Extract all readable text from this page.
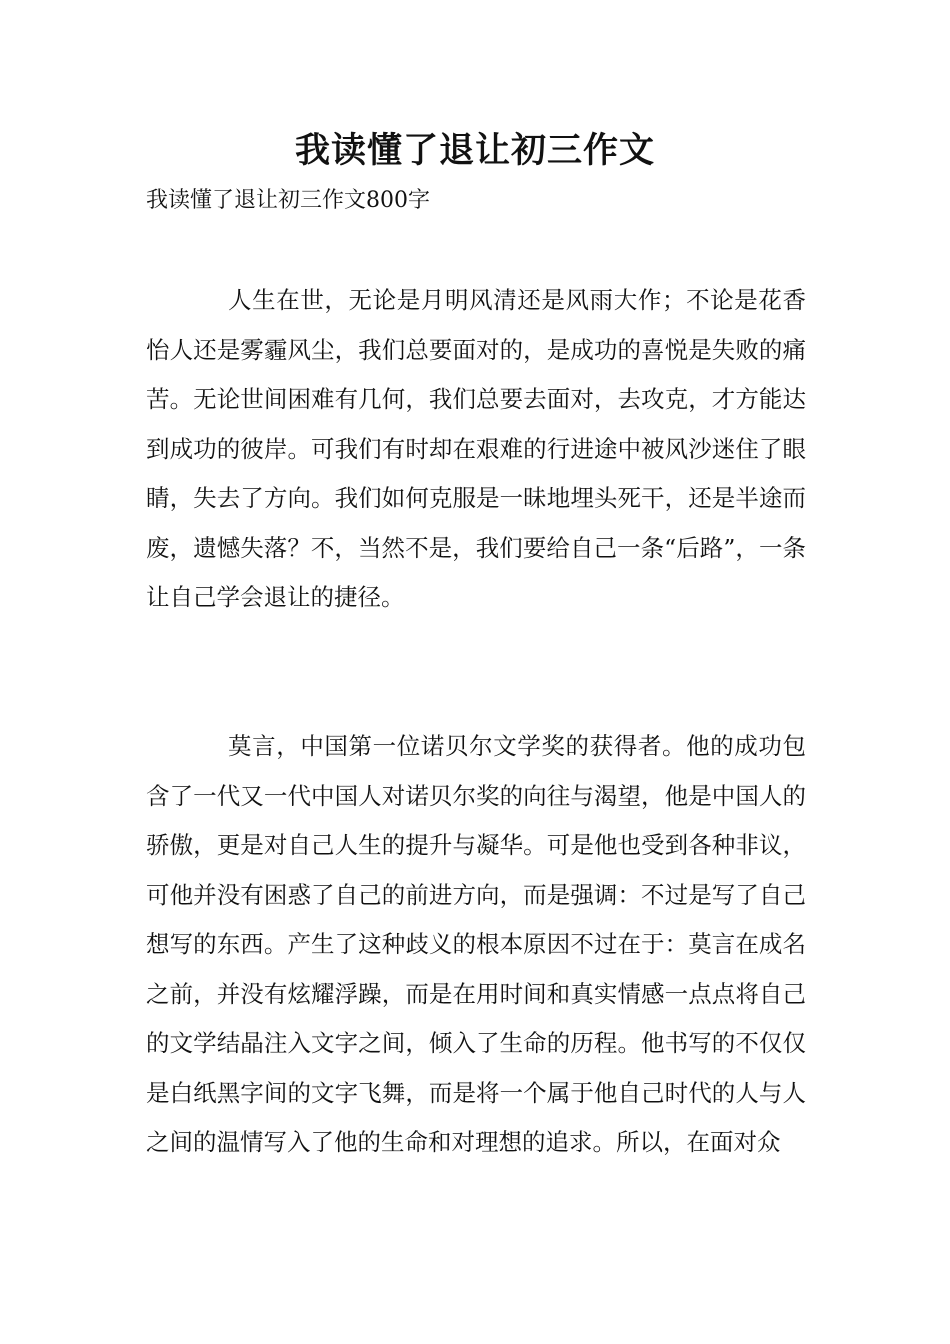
我读懂了退让初三作文

我读懂了退让初三作文800字

人生在世，无论是月明风清还是风雨大作；不论是花香怡人还是雾霾风尘，我们总要面对的，是成功的喜悦是失败的痛苦。无论世间困难有几何，我们总要去面对，去攻克，才方能达到成功的彼岸。可我们有时却在艰难的行进途中被风沙迷住了眼睛，失去了方向。我们如何克服是一昧地埋头死干，还是半途而废，遗憾失落？不，当然不是，我们要给自己一条“后路”，一条让自己学会退让的捷径。

莫言，中国第一位诺贝尔文学奖的获得者。他的成功包含了一代又一代中国人对诺贝尔奖的向往与渴望，他是中国人的骄傲，更是对自己人生的提升与凝华。可是他也受到各种非议，可他并没有困惑了自己的前进方向，而是强调：不过是写了自己想写的东西。产生了这种歧义的根本原因不过在于：莫言在成名之前，并没有炫耀浮躁，而是在用时间和真实情感一点点将自己的文学结晶注入文字之间，倾入了生命的历程。他书写的不仅仅是白纸黑字间的文字飞舞，而是将一个属于他自己时代的人与人之间的温情写入了他的生命和对理想的追求。所以，在面对众
